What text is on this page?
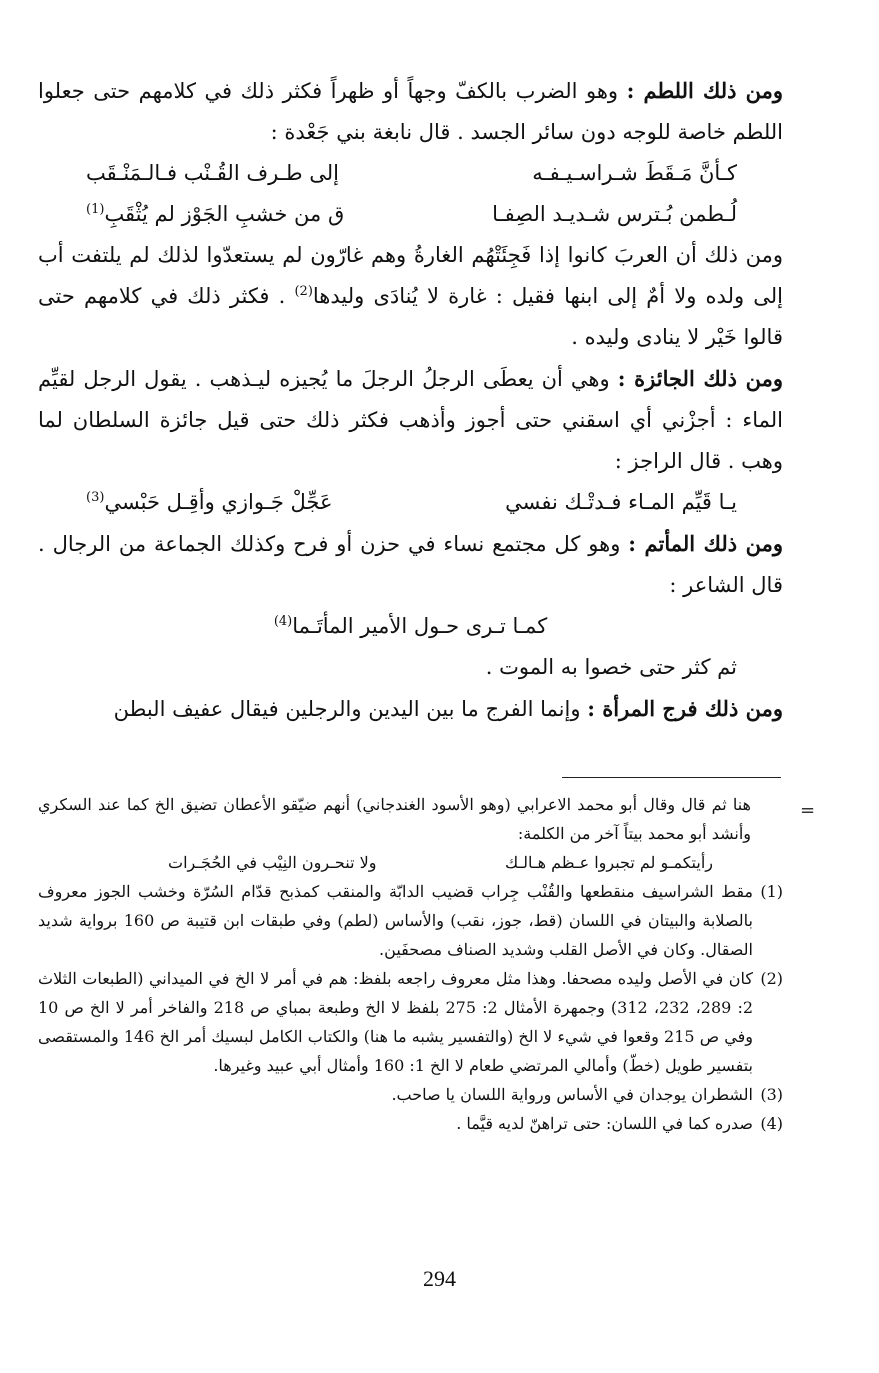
ومن ذلك اللطم : وهو الضرب بالكفّ وجهاً أو ظهراً فكثر ذلك في كلامهم حتى جعلوا اللطم خاصة للوجه دون سائر الجسد . قال نابغة بني جَعْدة :

كـأنَّ مَـقَطَ شـراسـيـفـه
إلى طـرف القُـنْب فـالـمَنْـقَب
لُـطمن بُـترس شـديـد الصِفـا
ق من خشبِ الجَوْز لم يُثْقَبِ$^{(1)}$

ومن ذلك أن العربَ كانوا إذا فَجِئَتْهُم الغارةُ وهم غارّون لم يستعدّوا لذلك لم يلتفت أب إلى ولده ولا أمٌ إلى ابنها فقيل : غارة لا يُنادَى وليدها$^{(2)}$ . فكثر ذلك في كلامهم حتى قالوا خَيْر لا ينادى وليده .

ومن ذلك الجائزة : وهي أن يعطَى الرجلُ الرجلَ ما يُجيزه ليـذهب . يقول الرجل لقيِّم الماء : أجزْني أي اسقني حتى أجوز وأذهب فكثر ذلك حتى قيل جائزة السلطان لما وهب . قال الراجز :

يـا قَيِّم المـاء فـدتْـك نفسي
عَجِّلْ جَـوازي وأقِـل حَبْسي$^{(3)}$

ومن ذلك المأتم : وهو كل مجتمع نساء في حزن أو فرح وكذلك الجماعة من الرجال . قال الشاعر :

كمـا تـرى حـول الأمير المأتَـما$^{(4)}$
ثم كثر حتى خصوا به الموت .

ومن ذلك فرج المرأة : وإنما الفرج ما بين اليدين والرجلين فيقال عفيف البطن

=

هنا ثم قال وقال أبو محمد الاعرابي (وهو الأسود الغندجاني) أنهم ضيّقو الأعطان تضيق الخ كما عند السكري وأنشد أبو محمد بيتاً آخر من الكلمة:

رأيتكمـو لم تجبروا عـظم هـالـك
ولا تنحـرون النِيْب في الحُجَـرات
(1)
مقط الشراسيف منقطعها والقُنْب جِراب قضيب الدابّة والمنقب كمذبح قدّام السُرّة وخشب الجوز معروف بالصلابة والبيتان في اللسان (قط، جوز، نقب) والأساس (لطم) وفي طبقات ابن قتيبة ص 160 برواية شديد الصقال. وكان في الأصل القلب وشديد الصناف مصحفَين.
(2)
كان في الأصل وليده مصحفا. وهذا مثل معروف راجعه بلفظ: هم في أمر لا الخ في الميداني (الطبعات الثلاث 2: 289، 232، 312) وجمهرة الأمثال 2: 275 بلفظ لا الخ وطبعة بمباي ص 218 والفاخر أمر لا الخ ص 10 وفي ص 215 وقعوا في شيء لا الخ (والتفسير يشبه ما هنا) والكتاب الكامل لبسيك أمر الخ 146 والمستقصى بتفسير طويل (خطّ) وأمالي المرتضي طعام لا الخ 1: 160 وأمثال أبي عبيد وغيرها.
(3)
الشطران يوجدان في الأساس ورواية اللسان يا صاحب.
(4)
صدره كما في اللسان: حتى تراهنّ لديه قيَّما .
294
